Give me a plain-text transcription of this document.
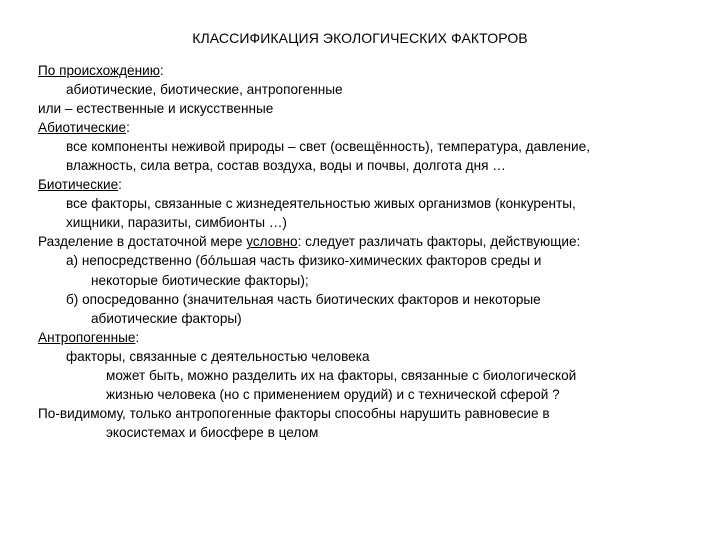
КЛАССИФИКАЦИЯ ЭКОЛОГИЧЕСКИХ ФАКТОРОВ
По происхождению:
абиотические, биотические, антропогенные
или – естественные и искусственные
Абиотические:
все компоненты неживой природы – свет (освещённость), температура, давление,
влажность, сила ветра, состав воздуха, воды и почвы, долгота дня …
Биотические:
все факторы, связанные с жизнедеятельностью живых организмов (конкуренты,
хищники, паразиты, симбионты …)
Разделение в достаточной мере условно: следует различать факторы, действующие:
а) непосредственно (бóльшая часть физико-химических факторов среды и
некоторые биотические факторы);
б) опосредованно (значительная часть биотических факторов и некоторые
абиотические факторы)
Антропогенные:
факторы, связанные с деятельностью человека
может быть, можно разделить их на факторы, связанные с биологической
жизнью человека (но с применением орудий) и с технической сферой ?
По-видимому, только антропогенные факторы способны нарушить равновесие в
экосистемах и биосфере в целом
